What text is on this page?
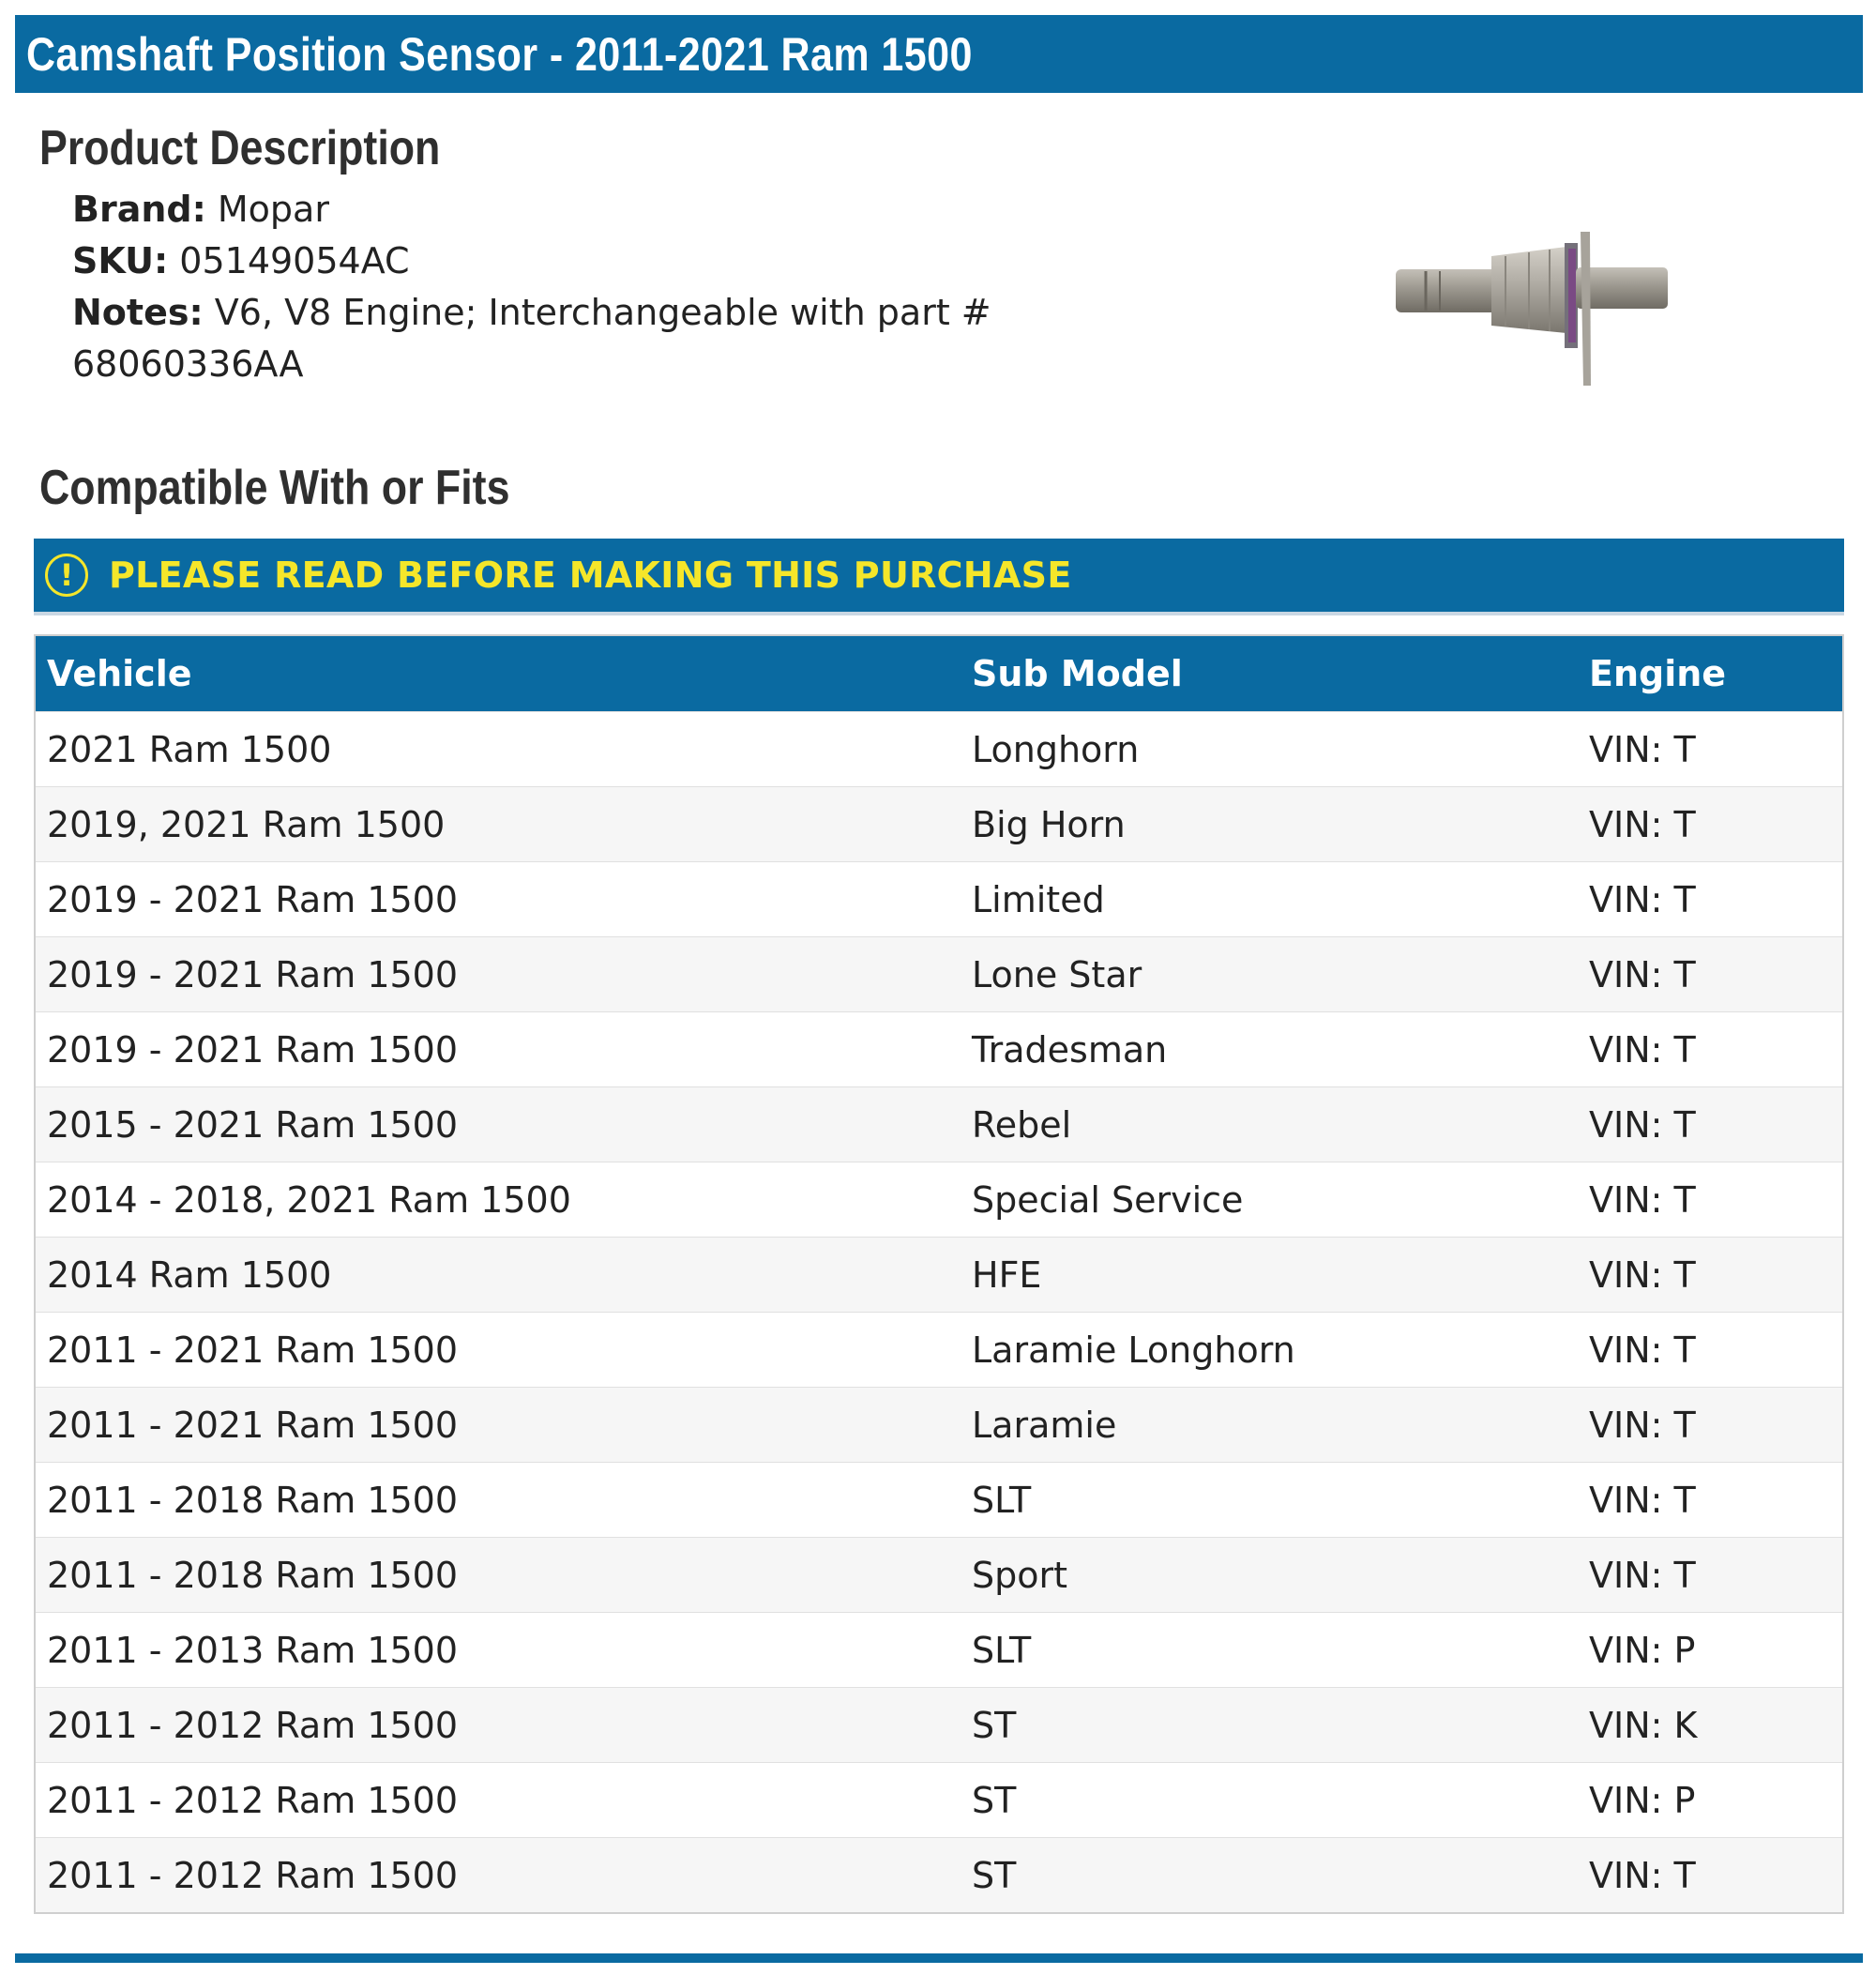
Camshaft Position Sensor - 2011-2021 Ram 1500
Product Description
Brand: Mopar
SKU: 05149054AC
Notes: V6, V8 Engine; Interchangeable with part #
68060336AA
Compatible With or Fits
! PLEASE READ BEFORE MAKING THIS PURCHASE
Vehicle	Sub Model	Engine
2021 Ram 1500	Longhorn	VIN: T
2019, 2021 Ram 1500	Big Horn	VIN: T
2019 - 2021 Ram 1500	Limited	VIN: T
2019 - 2021 Ram 1500	Lone Star	VIN: T
2019 - 2021 Ram 1500	Tradesman	VIN: T
2015 - 2021 Ram 1500	Rebel	VIN: T
2014 - 2018, 2021 Ram 1500	Special Service	VIN: T
2014 Ram 1500	HFE	VIN: T
2011 - 2021 Ram 1500	Laramie Longhorn	VIN: T
2011 - 2021 Ram 1500	Laramie	VIN: T
2011 - 2018 Ram 1500	SLT	VIN: T
2011 - 2018 Ram 1500	Sport	VIN: T
2011 - 2013 Ram 1500	SLT	VIN: P
2011 - 2012 Ram 1500	ST	VIN: K
2011 - 2012 Ram 1500	ST	VIN: P
2011 - 2012 Ram 1500	ST	VIN: T
